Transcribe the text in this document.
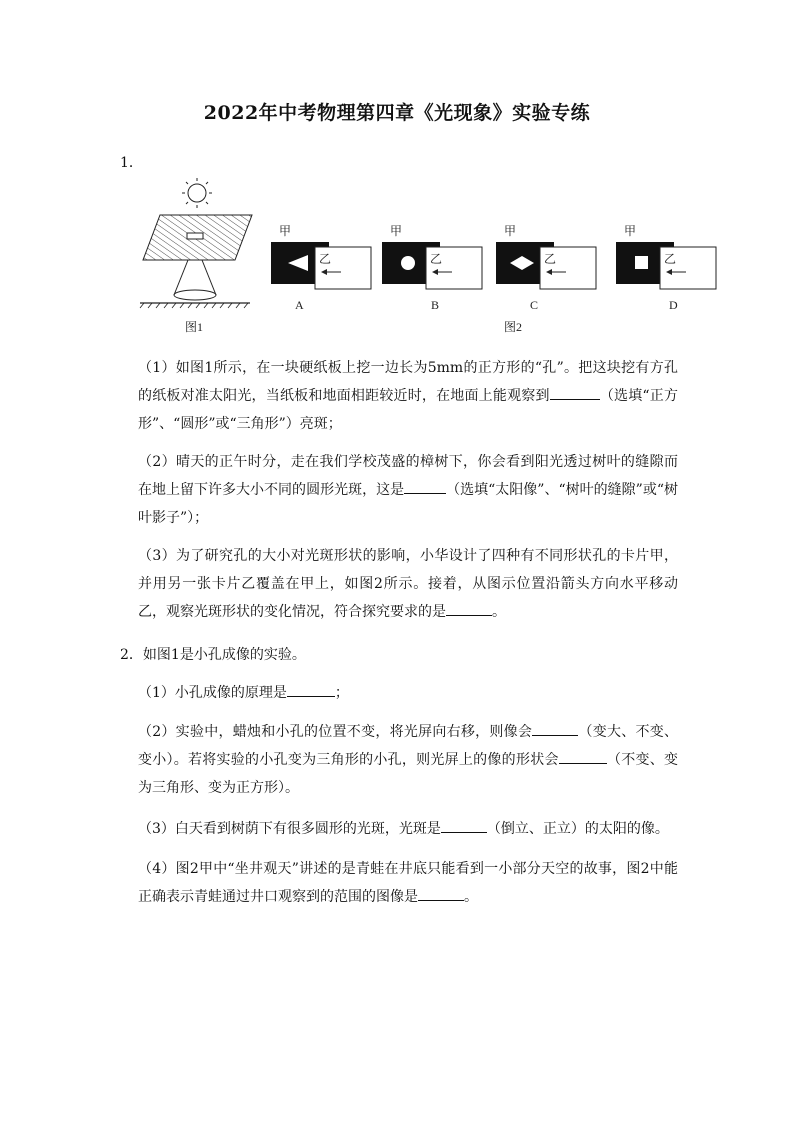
2022年中考物理第四章《光现象》实验专练
1．
图1
甲
乙
A
甲
乙
B
甲
乙
C
甲
乙
D
图2
（1）如图1所示，在一块硬纸板上挖一边长为5mm的正方形的“孔”。把这块挖有方孔的纸板对准太阳光，当纸板和地面相距较近时，在地面上能观察到	（选填“正方形”、“圆形”或“三角形”）亮斑；
（2）晴天的正午时分，走在我们学校茂盛的樟树下，你会看到阳光透过树叶的缝隙而在地上留下许多大小不同的圆形光斑，这是	（选填“太阳像”、“树叶的缝隙”或“树叶影子”）；
（3）为了研究孔的大小对光斑形状的影响，小华设计了四种有不同形状孔的卡片甲，并用另一张卡片乙覆盖在甲上，如图2所示。接着，从图示位置沿箭头方向水平移动乙，观察光斑形状的变化情况，符合探究要求的是	。
2．如图1是小孔成像的实验。
（1）小孔成像的原理是	；
（2）实验中，蜡烛和小孔的位置不变，将光屏向右移，则像会	（变大、不变、变小）。若将实验的小孔变为三角形的小孔，则光屏上的像的形状会	（不变、变为三角形、变为正方形）。
（3）白天看到树荫下有很多圆形的光斑，光斑是	（倒立、正立）的太阳的像。
（4）图2甲中“坐井观天”讲述的是青蛙在井底只能看到一小部分天空的故事，图2中能正确表示青蛙通过井口观察到的范围的图像是	。
